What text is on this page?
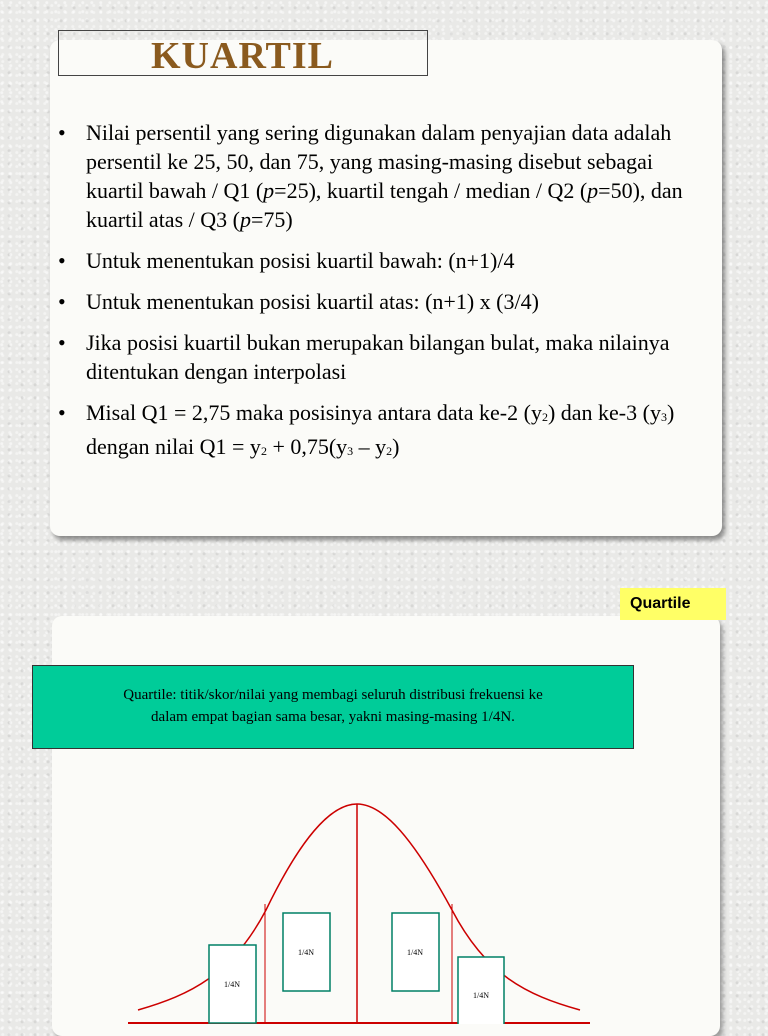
KUARTIL
• Nilai persentil yang sering digunakan dalam penyajian data adalah persentil ke 25, 50, dan 75, yang masing-masing disebut sebagai kuartil bawah / Q1 (p=25), kuartil tengah / median / Q2 (p=50), dan kuartil atas / Q3 (p=75)
• Untuk menentukan posisi kuartil bawah: (n+1)/4
• Untuk menentukan posisi kuartil atas: (n+1) x (3/4)
• Jika posisi kuartil bukan merupakan bilangan bulat, maka nilainya ditentukan dengan interpolasi
• Misal Q1 = 2,75 maka posisinya antara data ke-2 $(y_2)$ dan ke-3 $(y_3)$ dengan nilai $Q1 = y_2 + 0,75(y_3 - y_2)$
Quartile
Quartile: titik/skor/nilai yang membagi seluruh distribusi frekuensi ke
dalam empat bagian sama besar, yakni masing-masing 1/4N.
1/4N
1/4N	1/4N
1/4N
